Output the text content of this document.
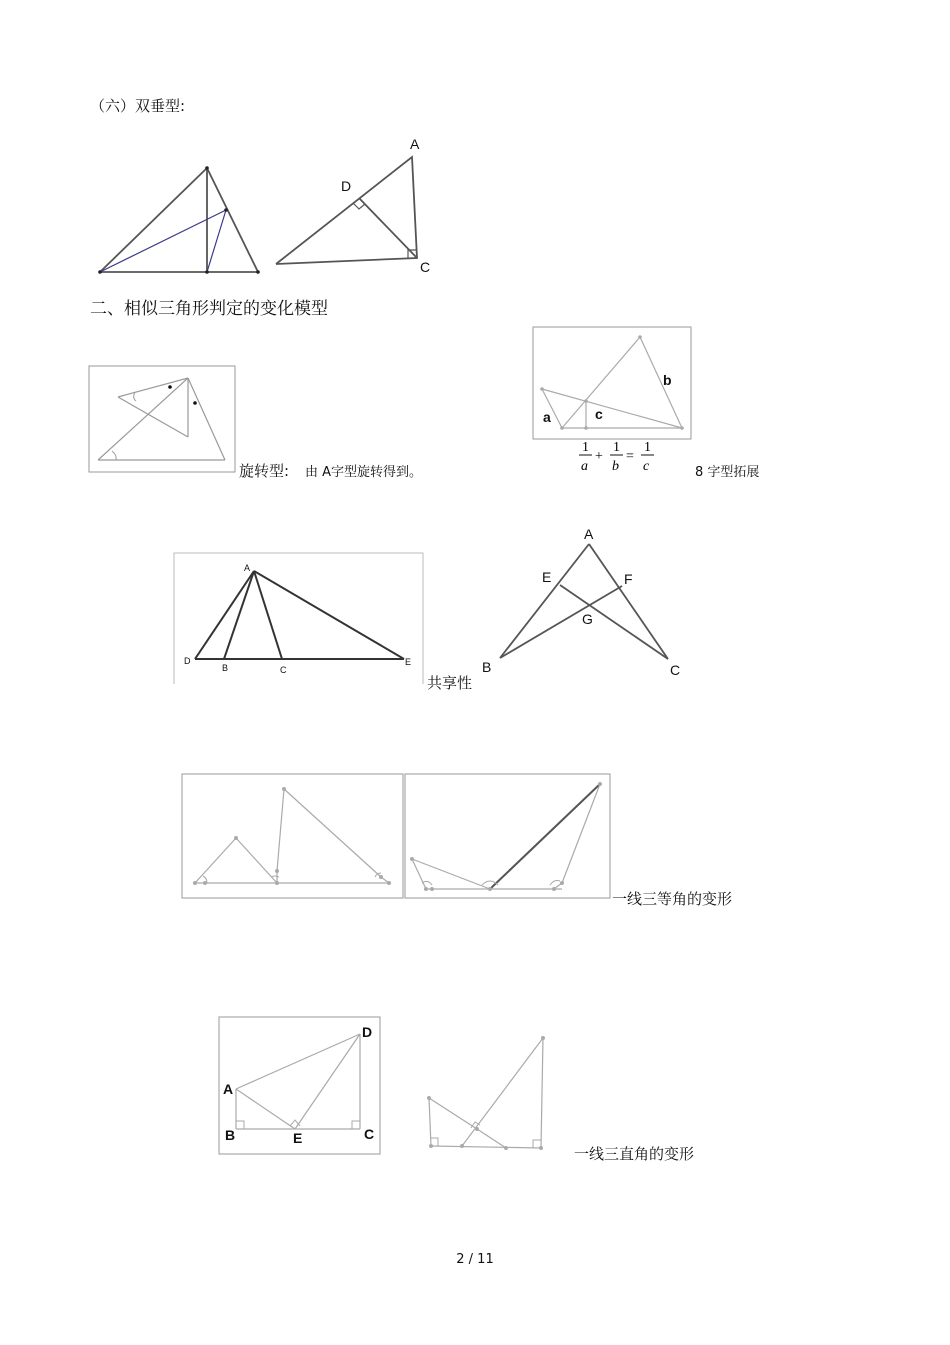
（六）双垂型:
A
D
C
二、相似三角形判定的变化模型
旋转型: 由 A字型旋转得到。
a	c
b
1
a
+
1
b
=
1
c	8 字型拓展
A
D
B	C
E
共享性
A
E	F
G
B	C
一线三等角的变形
A
B	C
D
E
一线三直角的变形
2 / 11
